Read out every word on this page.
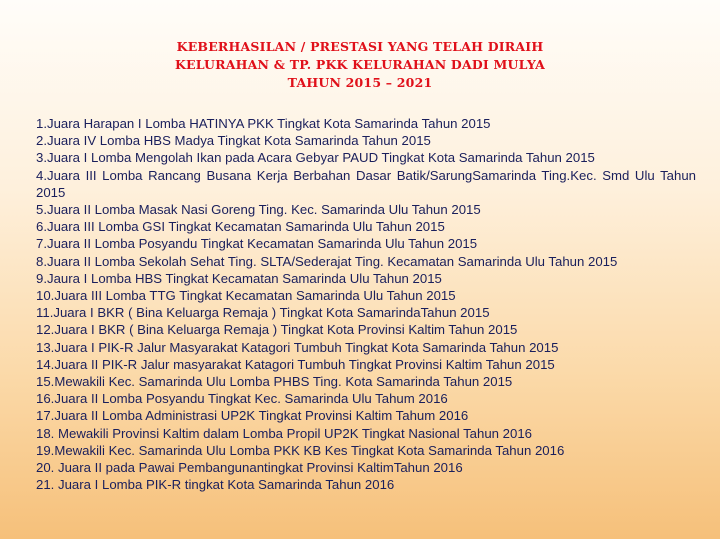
KEBERHASILAN / PRESTASI YANG TELAH DIRAIH
KELURAHAN & TP. PKK KELURAHAN DADI MULYA
TAHUN 2015 – 2021
1.Juara Harapan I Lomba HATINYA PKK Tingkat Kota Samarinda Tahun 2015
2.Juara IV Lomba HBS Madya Tingkat Kota Samarinda Tahun 2015
3.Juara I Lomba Mengolah Ikan pada Acara Gebyar PAUD Tingkat Kota Samarinda Tahun 2015
4.Juara III Lomba Rancang Busana Kerja Berbahan Dasar Batik/SarungSamarinda Ting.Kec. Smd Ulu Tahun 2015
5.Juara II Lomba Masak Nasi Goreng Ting. Kec. Samarinda Ulu Tahun 2015
6.Juara III Lomba GSI Tingkat Kecamatan Samarinda Ulu Tahun 2015
7.Juara II Lomba Posyandu Tingkat Kecamatan Samarinda Ulu Tahun 2015
8.Juara II Lomba Sekolah Sehat Ting. SLTA/Sederajat Ting. Kecamatan Samarinda Ulu Tahun 2015
9.Jaura I Lomba HBS Tingkat Kecamatan Samarinda Ulu Tahun 2015
10.Juara III Lomba TTG Tingkat Kecamatan Samarinda Ulu Tahun 2015
11.Juara I BKR ( Bina Keluarga Remaja ) Tingkat Kota SamarindaTahun 2015
12.Juara I BKR ( Bina Keluarga Remaja ) Tingkat Kota Provinsi Kaltim Tahun 2015
13.Juara I PIK-R Jalur Masyarakat Katagori Tumbuh Tingkat Kota Samarinda Tahun 2015
14.Juara II PIK-R Jalur masyarakat Katagori Tumbuh Tingkat Provinsi Kaltim Tahun 2015
15.Mewakili Kec. Samarinda Ulu Lomba PHBS Ting. Kota Samarinda Tahun 2015
16.Juara II Lomba Posyandu Tingkat Kec. Samarinda Ulu Tahum 2016
17.Juara II Lomba Administrasi UP2K Tingkat Provinsi Kaltim Tahum 2016
18. Mewakili Provinsi Kaltim dalam Lomba Propil UP2K Tingkat Nasional Tahun 2016
19.Mewakili Kec. Samarinda Ulu Lomba PKK KB Kes Tingkat Kota Samarinda Tahun 2016
20. Juara II pada Pawai Pembangunantingkat Provinsi KaltimTahun 2016
21. Juara I Lomba PIK-R tingkat Kota Samarinda Tahun 2016
